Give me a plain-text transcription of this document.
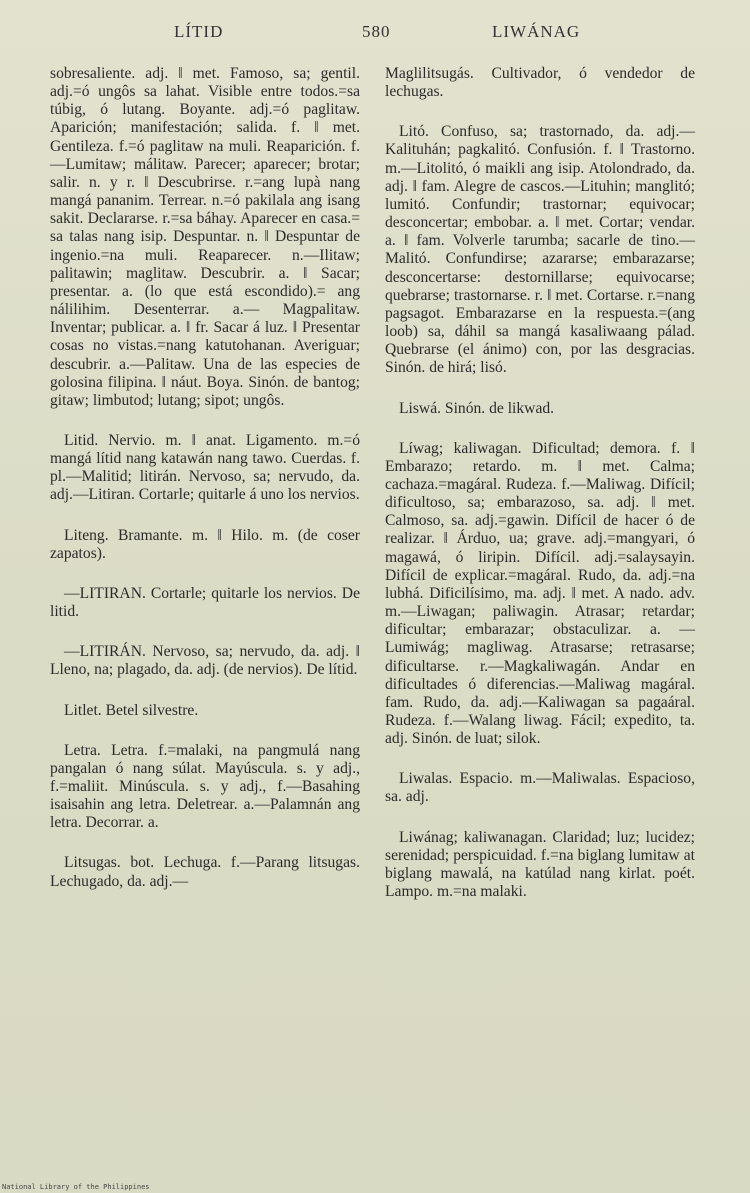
LÍTID	580	LIWÁNAG

sobresaliente. adj. ‖ met. Famoso, sa; gentil. adj.=ó ungôs sa lahat. Visible entre todos.=sa túbig, ó lutang. Boyante. adj.=ó paglitaw. Aparición; manifestación; salida. f. ‖ met. Gentileza. f.=ó paglitaw na muli. Reaparición. f.—Lumitaw; málitaw. Parecer; aparecer; brotar; salir. n. y r. ‖ Descubrirse. r.=ang lupà nang mangá pananim. Terrear. n.=ó pakilala ang isang sakit. Declararse. r.=sa báhay. Aparecer en casa.= sa talas nang isip. Despuntar. n. ‖ Despuntar de ingenio.=na muli. Reaparecer. n.—Ilitaw; palitawin; maglitaw. Descubrir. a. ‖ Sacar; presentar. a. (lo que está escondido).= ang nálilihim. Desenterrar. a.— Magpalitaw. Inventar; publicar. a. ‖ fr. Sacar á luz. ‖ Presentar cosas no vistas.=nang katutohanan. Averiguar; descubrir. a.—Palitaw. Una de las especies de golosina filipina. ‖ náut. Boya. Sinón. de bantog; gitaw; limbutod; lutang; sipot; ungôs.

Litid. Nervio. m. ‖ anat. Ligamento. m.=ó mangá lítid nang katawán nang tawo. Cuerdas. f. pl.—Malitid; litirán. Nervoso, sa; nervudo, da. adj.—Litiran. Cortarle; quitarle á uno los nervios.

Liteng. Bramante. m. ‖ Hilo. m. (de coser zapatos).

—LITIRAN. Cortarle; quitarle los nervios. De litid.

—LITIRÁN. Nervoso, sa; nervudo, da. adj. ‖ Lleno, na; plagado, da. adj. (de nervios). De lítid.

Litlet. Betel silvestre.

Letra. Letra. f.=malaki, na pangmulá nang pangalan ó nang súlat. Mayúscula. s. y adj., f.=maliit. Minúscula. s. y adj., f.—Basahing isaisahin ang letra. Deletrear. a.—Palamnán ang letra. Decorrar. a.

Litsugas. bot. Lechuga. f.—Parang litsugas. Lechugado, da. adj.—

Maglilitsugás. Cultivador, ó vendedor de lechugas.

Litó. Confuso, sa; trastornado, da. adj.—Kalituhán; pagkalitó. Confusión. f. ‖ Trastorno. m.—Litolitó, ó maikli ang isip. Atolondrado, da. adj. ‖ fam. Alegre de cascos.—Lituhin; manglitó; lumitó. Confundir; trastornar; equivocar; desconcertar; embobar. a. ‖ met. Cortar; vendar. a. ‖ fam. Volverle tarumba; sacarle de tino.—Malitó. Confundirse; azararse; embarazarse; desconcertarse: destornillarse; equivocarse; quebrarse; trastornarse. r. ‖ met. Cortarse. r.=nang pagsagot. Embarazarse en la respuesta.=(ang loob) sa, dáhil sa mangá kasaliwaang pálad. Quebrarse (el ánimo) con, por las desgracias. Sinón. de hirá; lisó.

Liswá. Sinón. de likwad.

Líwag; kaliwagan. Dificultad; demora. f. ‖ Embarazo; retardo. m. ‖ met. Calma; cachaza.=magáral. Rudeza. f.—Maliwag. Difícil; dificultoso, sa; embarazoso, sa. adj. ‖ met. Calmoso, sa. adj.=gawin. Difícil de hacer ó de realizar. ‖ Árduo, ua; grave. adj.=mangyari, ó magawá, ó liripin. Difícil. adj.=salaysayin. Difícil de explicar.=magáral. Rudo, da. adj.=na lubhá. Dificilísimo, ma. adj. ‖ met. A nado. adv. m.—Liwagan; paliwagin. Atrasar; retardar; dificultar; embarazar; obstaculizar. a. —Lumiwág; magliwag. Atrasarse; retrasarse; dificultarse. r.—Magkaliwagán. Andar en dificultades ó diferencias.—Maliwag magáral. fam. Rudo, da. adj.—Kaliwagan sa pagaáral. Rudeza. f.—Walang liwag. Fácil; expedito, ta. adj. Sinón. de luat; silok.

Liwalas. Espacio. m.—Maliwalas. Espacioso, sa. adj.

Liwánag; kaliwanagan. Claridad; luz; lucidez; serenidad; perspicuidad. f.=na biglang lumitaw at biglang mawalá, na katúlad nang kirlat. poét. Lampo. m.=na malaki.

National Library of the Philippines
